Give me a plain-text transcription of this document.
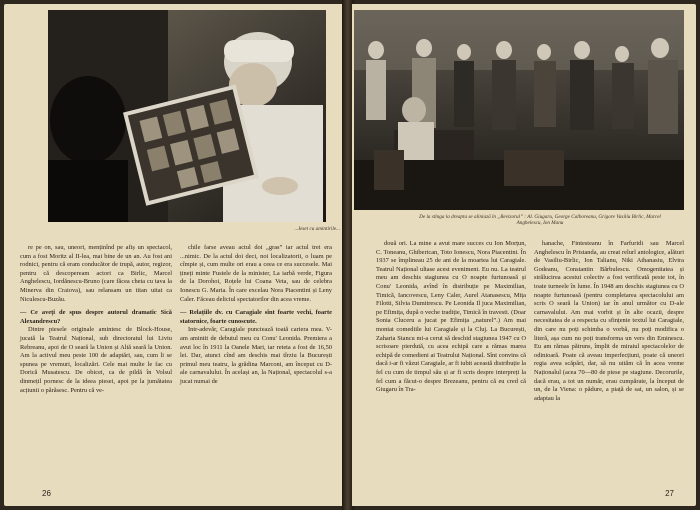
...Ieset cu amintirile...

re pe on, sau, uneori, menținînd pe afiș un spectacol, cum a fost Moritz al II-lea, mai bine de un an. Au fost ani rodnici, pentru că eram conducător de trupă, autor, regizor, pentru că descopeream actori ca Birlic, Marcel Anghelescu, Iordănescu-Bruno (care făcea cheta cu tava la Minerva din Craiova), sau relansam un titan uitat ca Niculescu-Buzău.

— Ce aveți de spus despre autorul dramatic Sică Alexandrescu?

Dintre piesele originale amintesc de Block-House, jucată la Teatrul Național, sub directoratul lui Liviu Rebreanu, apoi de O seară la Union și Altă seară la Union. Am la activul meu peste 100 de adaptări, sau, cum li se spunea pe vremuri, localizări. Cele mai multe le fac cu Dorică Musatescu. De obicei, ca de pildă în Volsul dinmețil pornesc de la ideea piesei, apoi pe la jumătatea acțiunii o părăsesc. Pentru că ve-

chile farse aveau actul doi „gras” iar actul trei era ...nimic. De la actul doi deci, noi localizatorii, o luam pe cîmpie și, cum multe ori erau a ceea ce era succesele. Mai țineți minte Fustele de la minister, La iarbă verde, Figura de la Dorohoi, Roțele lui Coana Veta, sau de celebra Ionescu G. Maria. În care excelau Nora Piacentini și Leny Caler. Făceau deliciul spectatorilor din acea vreme.

— Relațiile dv. cu Caragiale sînt foarte vechi, foarte statornice, foarte cunoscute.

Intr-adevăr, Caragiale punctează toată cariera mea. V-am amintit de debutul meu cu Conu' Leonida. Premiera a avut loc în 1911 la Oanele Mari, iar reteta a fost de 16,50 lei. Dar, atunci cînd am deschis mai tîrziu la București primul meu teatru, la grădina Marconi, am început cu D-ale carnavalului. În același an, la Național, spectacolul s-a jucat numai de

26
De la stînga la dreapta se aliniază în „Revizorul” : Al. Giugaru, George Calboreanu, Grigore Vasiliu Birlic, Marcel Anghelescu, Ion Manu

două ori. La mine a avut mare succes cu Ion Morțun, C. Toneanu, Ghiberican, Toto Ionescu, Nora Piacentini. În 1937 se împlineau 25 de ani de la moartea lui Caragiale. Teatrul Național ultase acest eveniment. Eu nu. La teatrul meu am deschis stagiunea cu O noapte furtunoasă și Conu' Leonida, avînd în distribuție pe Maximilian, Timică, Iancovescu, Leny Caler, Aurel Atanasescu, Mița Filotti, Silvia Dumitrescu. Pe Leonida Il juca Maximilian, pe Efimița, după o veche tradiție, Timică în travesti. (Doar Sonia Cluceru a jucat pe Efimița „naturel”.) Am mai montat comediile lui Caragiale și la Cluj. La București, Zaharia Stancu mi-a cerut să deschid stagiunea 1947 cu O scrisoare pierdută, cu acea echipă care a rămas marea echipă de comedieni ai Teatrului Național. Sînt convins că dacă i-ar fi văzut Caragiale, ar fi iubit această distribuție la fel cu cum de timpul său și ar fi scris despre interpreți la fel cum a făcut-o despre Brezeanu, pentru că eu cred că Giugaru în Tra-

hanache, Fintesteanu în Farfuridi sau Marcel Anghelescu în Pristanda, au creat relurl antologice, alături de Vasiliu-Birlic, Ion Talianu, Niki Athanasiu, Elvira Godeanu, Constantin Bărbulescu. Omogenitatea și strălucirea acestui colectiv a fost verificată peste tot, în toate turneele în lume. În 1948 am deschis stagiunea cu O noapte furtunoasă (pentru completarea spectacolului am scris O seară la Union) iar în anul următor cu D-ale carnavalului. Am mai vorbit și în alte ocazii, despre necesitatea de a respecta cu sfințenie textul lui Caragiale, din care nu poți schimba o vorbă, nu poți modifica o literă, așa cum nu poți transforma un vers din Eminescu. Eu am rămas pătruns, împlit de miraiul spectacolelor de odinioară. Poate că aveau imperfecțiuni, poate că uneori regia avea scăpări, dar, să nu uităm că în acea vreme Naționalul (acea 70—80 de piese pe stagiune. Decorurile, dacă erau, a tot un număr, erau cumpărate, la început de un, de la Viena: o pădure, a piață de sat, un salon, și se adaptau la

27
